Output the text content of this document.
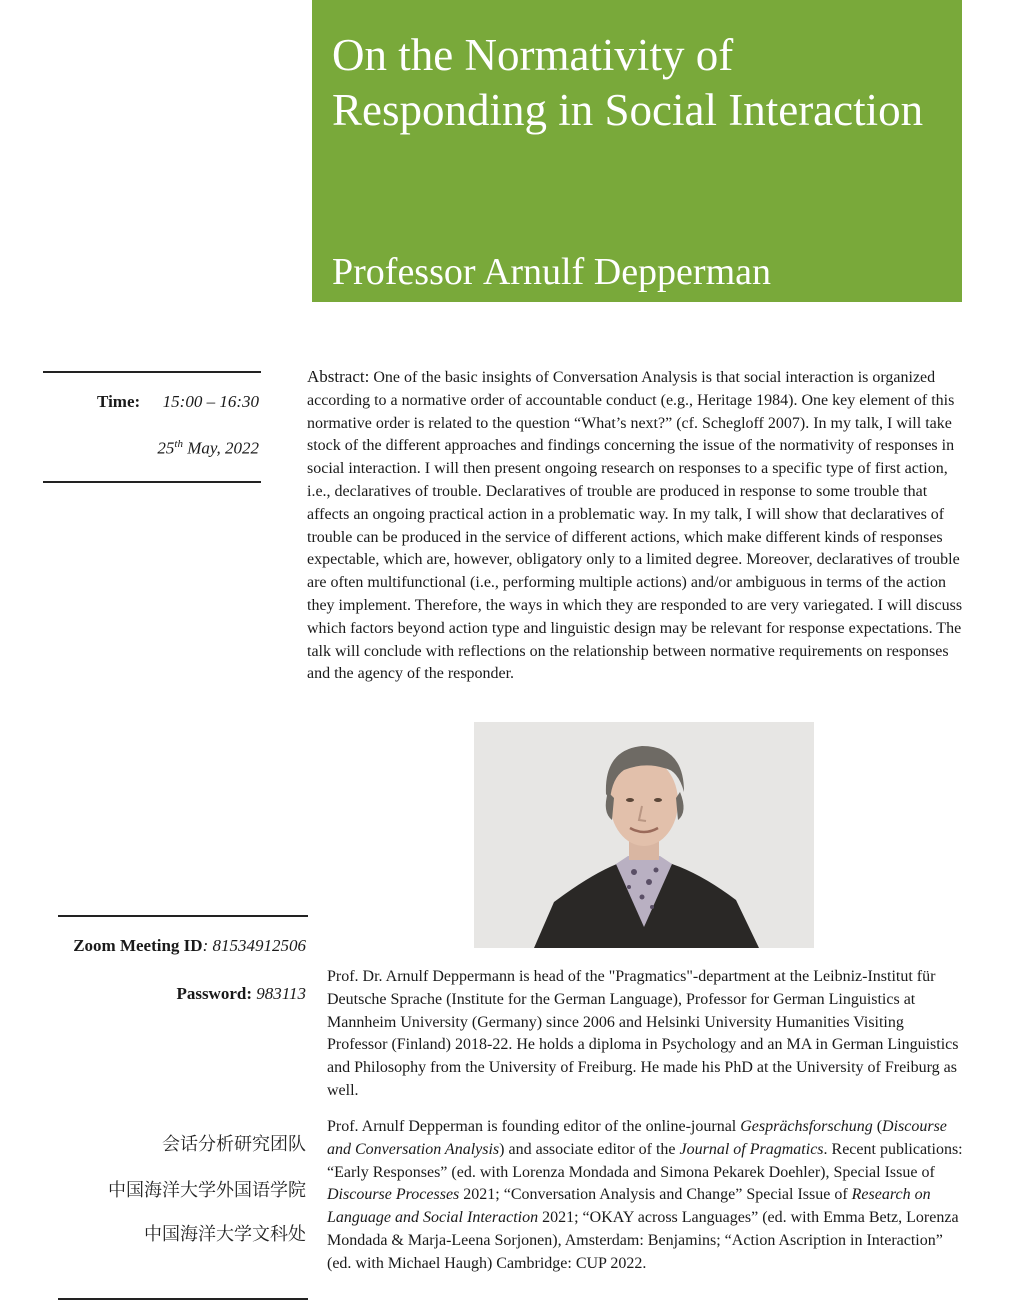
On the Normativity of Responding in Social Interaction
Professor Arnulf Depperman
Time: 15:00 – 16:30
25th May, 2022

Abstract: One of the basic insights of Conversation Analysis is that social interaction is organized according to a normative order of accountable conduct (e.g., Heritage 1984). One key element of this normative order is related to the question “What’s next?” (cf. Schegloff 2007). In my talk, I will take stock of the different approaches and findings concerning the issue of the normativity of responses in social interaction. I will then present ongoing research on responses to a specific type of first action, i.e., declaratives of trouble. Declaratives of trouble are produced in response to some trouble that affects an ongoing practical action in a problematic way. In my talk, I will show that declaratives of trouble can be produced in the service of different actions, which make different kinds of responses expectable, which are, however, obligatory only to a limited degree. Moreover, declaratives of trouble are often multifunctional (i.e., performing multiple actions) and/or ambiguous in terms of the action they implement. Therefore, the ways in which they are responded to are very variegated. I will discuss which factors beyond action type and linguistic design may be relevant for response expectations. The talk will conclude with reflections on the relationship between normative requirements on responses and the agency of the responder.

Zoom Meeting ID: 81534912506
Password: 983113

Prof. Dr. Arnulf Deppermann is head of the "Pragmatics"-department at the Leibniz-Institut für Deutsche Sprache (Institute for the German Language), Professor for German Linguistics at Mannheim University (Germany) since 2006 and Helsinki University Humanities Visiting Professor (Finland) 2018-22. He holds a diploma in Psychology and an MA in German Linguistics and Philosophy from the University of Freiburg. He made his PhD at the University of Freiburg as well.

Prof. Arnulf Depperman is founding editor of the online-journal Gesprächsforschung (Discourse and Conversation Analysis) and associate editor of the Journal of Pragmatics. Recent publications: “Early Responses” (ed. with Lorenza Mondada and Simona Pekarek Doehler), Special Issue of Discourse Processes 2021; “Conversation Analysis and Change” Special Issue of Research on Language and Social Interaction 2021; “OKAY across Languages” (ed. with Emma Betz, Lorenza Mondada & Marja-Leena Sorjonen), Amsterdam: Benjamins; “Action Ascription in Interaction” (ed. with Michael Haugh) Cambridge: CUP 2022.

会话分析研究团队
中国海洋大学外国语学院
中国海洋大学文科处
